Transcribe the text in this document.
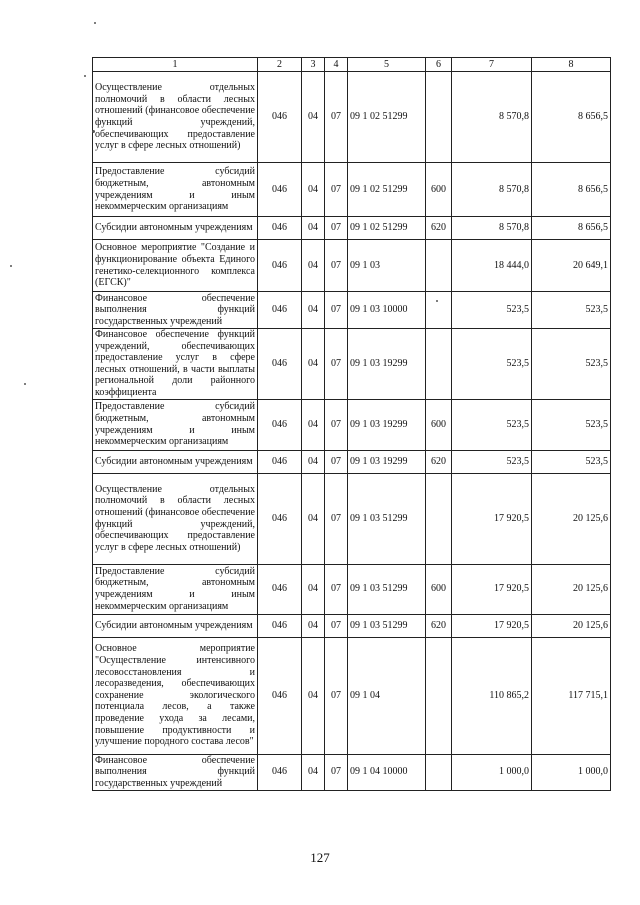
1	2	3	4	5	6	7	8
Осуществление отдельных полномочий в области лесных отношений (финансовое обеспечение функций учреждений, обеспечивающих предоставление услуг в сфере лесных отношений)	046	04	07	09 1 02 51299		8 570,8	8 656,5
Предоставление субсидий бюджетным, автономным учреждениям и иным некоммерческим организациям	046	04	07	09 1 02 51299	600	8 570,8	8 656,5
Субсидии автономным учреждениям	046	04	07	09 1 02 51299	620	8 570,8	8 656,5
Основное мероприятие "Создание и функционирование объекта Единого генетико-селекционного комплекса (ЕГСК)"	046	04	07	09 1 03		18 444,0	20 649,1
Финансовое обеспечение выполнения функций государственных учреждений	046	04	07	09 1 03 10000		523,5	523,5
Финансовое обеспечение функций учреждений, обеспечивающих предоставление услуг в сфере лесных отношений, в части выплаты региональной доли районного коэффициента	046	04	07	09 1 03 19299		523,5	523,5
Предоставление субсидий бюджетным, автономным учреждениям и иным некоммерческим организациям	046	04	07	09 1 03 19299	600	523,5	523,5
Субсидии автономным учреждениям	046	04	07	09 1 03 19299	620	523,5	523,5
Осуществление отдельных полномочий в области лесных отношений (финансовое обеспечение функций учреждений, обеспечивающих предоставление услуг в сфере лесных отношений)	046	04	07	09 1 03 51299		17 920,5	20 125,6
Предоставление субсидий бюджетным, автономным учреждениям и иным некоммерческим организациям	046	04	07	09 1 03 51299	600	17 920,5	20 125,6
Субсидии автономным учреждениям	046	04	07	09 1 03 51299	620	17 920,5	20 125,6
Основное мероприятие "Осуществление интенсивного лесовосстановления и лесоразведения, обеспечивающих сохранение экологического потенциала лесов, а также проведение ухода за лесами, повышение продуктивности и улучшение породного состава лесов"	046	04	07	09 1 04		110 865,2	117 715,1
Финансовое обеспечение выполнения функций государственных учреждений	046	04	07	09 1 04 10000		1 000,0	1 000,0
127
